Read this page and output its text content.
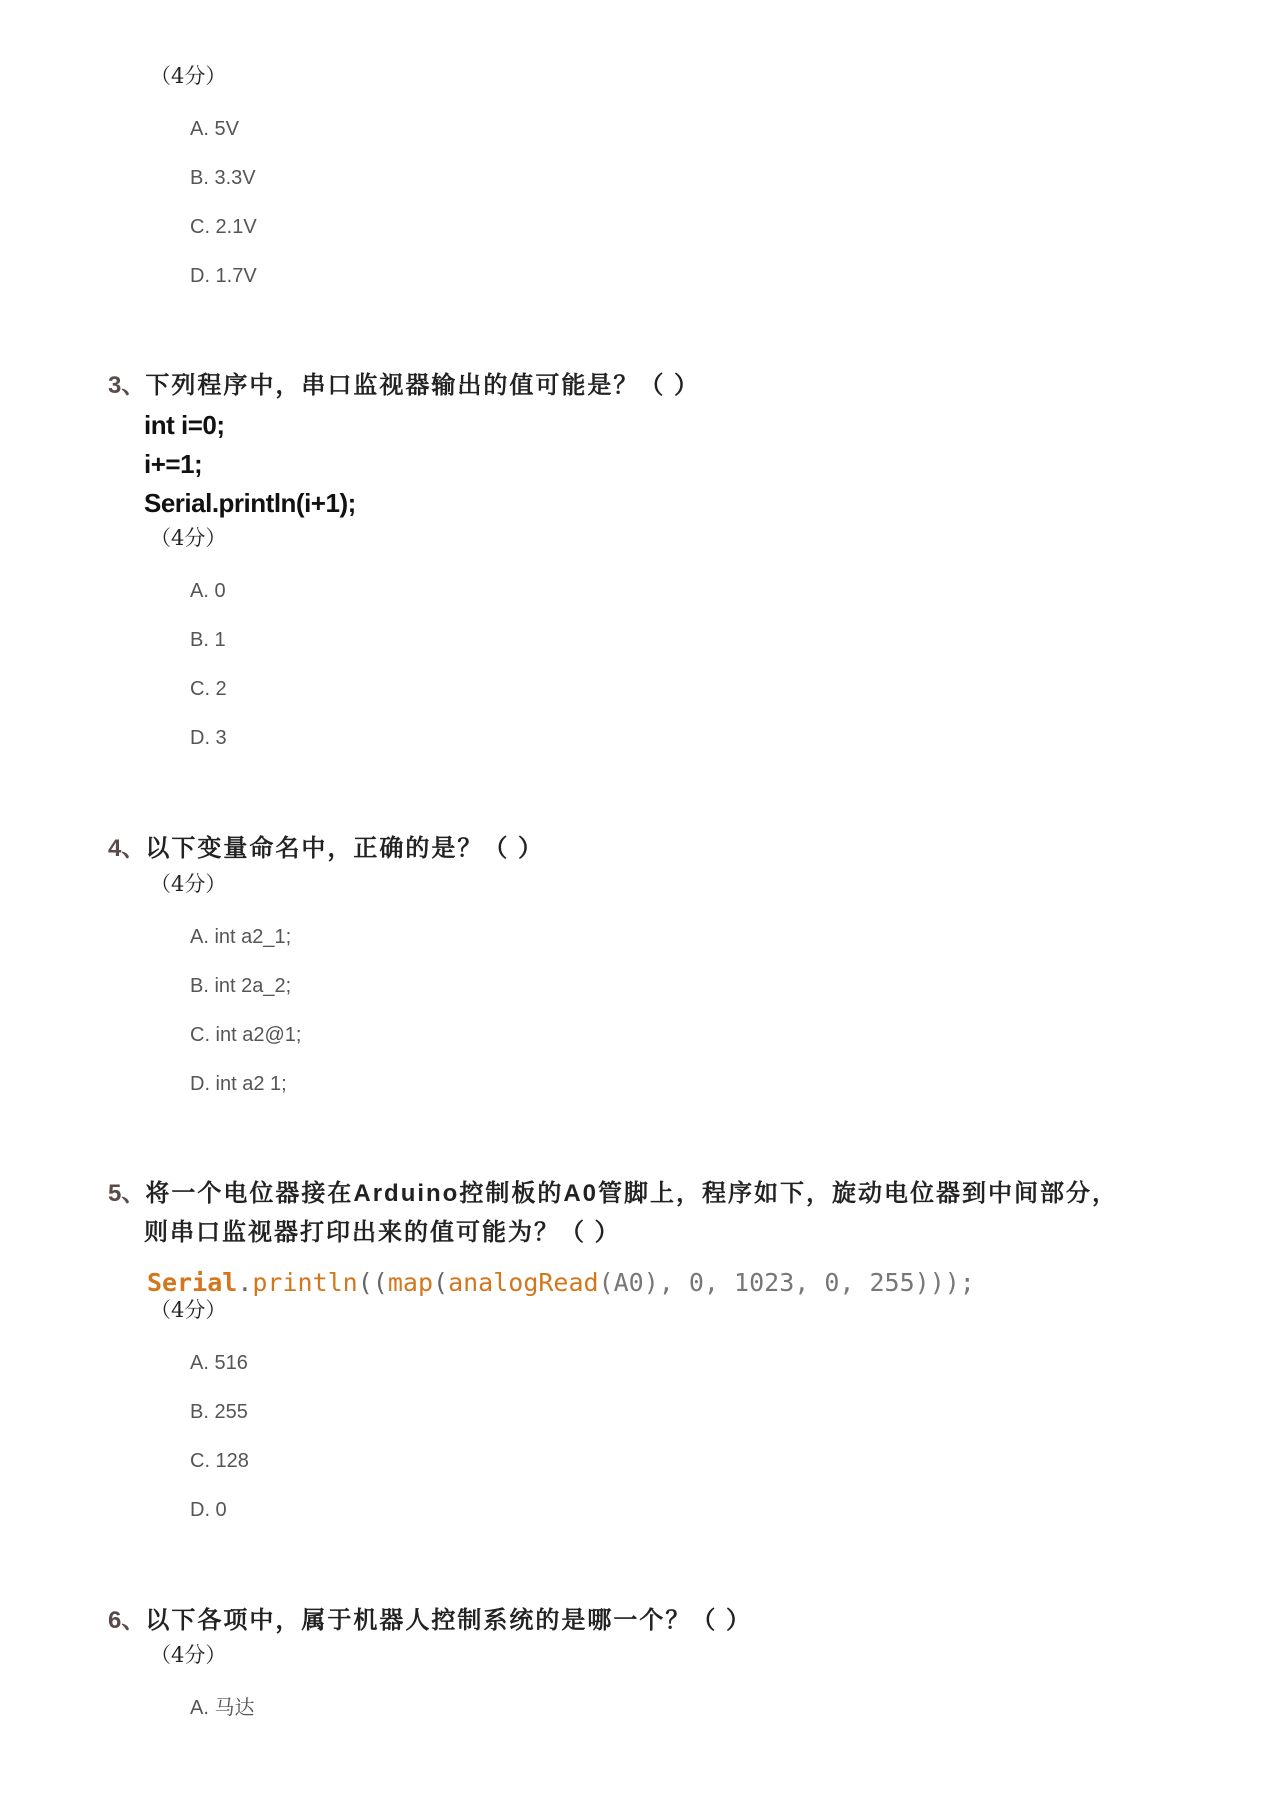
（4分）
A. 5V
B. 3.3V
C. 2.1V
D. 1.7V
3、下列程序中，串口监视器输出的值可能是？（ ）
int i=0;
i+=1;
Serial.println(i+1);
（4分）
A. 0
B. 1
C. 2
D. 3
4、以下变量命名中，正确的是？（ ）
（4分）
A. int a2_1;
B. int 2a_2;
C. int a2@1;
D. int a2 1;
5、将一个电位器接在Arduino控制板的A0管脚上，程序如下，旋动电位器到中间部分，
则串口监视器打印出来的值可能为？（ ）
Serial.println((map(analogRead(A0), 0, 1023, 0, 255)));
（4分）
A. 516
B. 255
C. 128
D. 0
6、以下各项中，属于机器人控制系统的是哪一个？（ ）
（4分）
A. 马达
